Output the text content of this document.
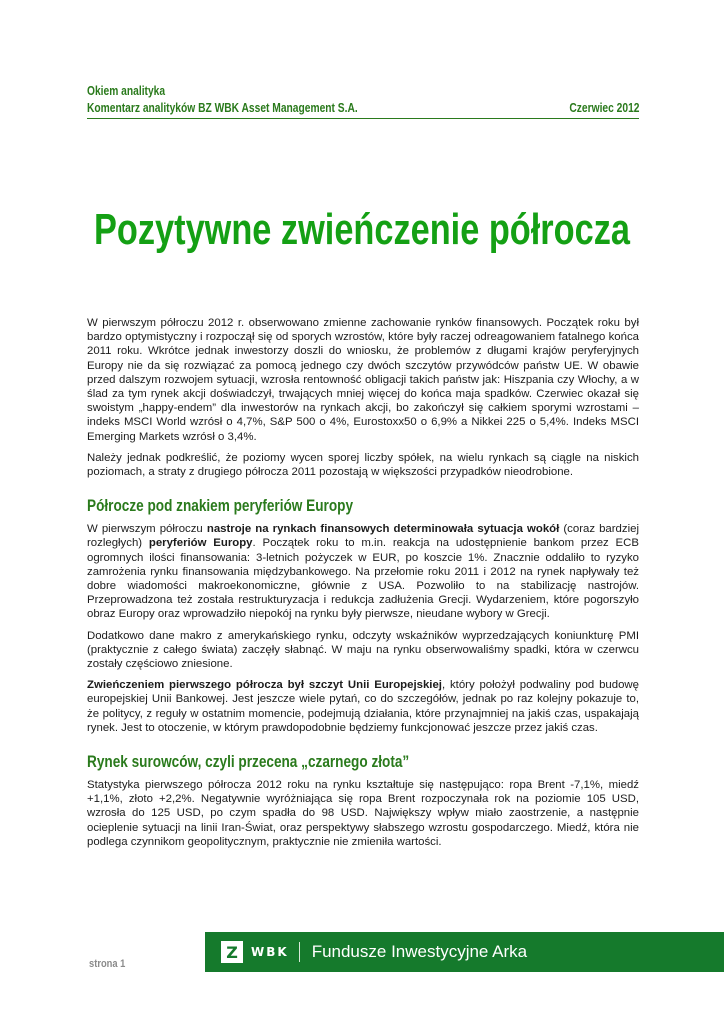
Okiem analityka
Komentarz analityków BZ WBK Asset Management S.A.	Czerwiec 2012
Pozytywne zwieńczenie półrocza

W pierwszym półroczu 2012 r. obserwowano zmienne zachowanie rynków finansowych. Początek roku był bardzo optymistyczny i rozpoczął się od sporych wzrostów, które były raczej odreagowaniem fatalnego końca 2011 roku. Wkrótce jednak inwestorzy doszli do wniosku, że problemów z długami krajów peryferyjnych Europy nie da się rozwiązać za pomocą jednego czy dwóch szczytów przywódców państw UE. W obawie przed dalszym rozwojem sytuacji, wzrosła rentowność obligacji takich państw jak: Hiszpania czy Włochy, a w ślad za tym rynek akcji doświadczył, trwających mniej więcej do końca maja spadków. Czerwiec okazał się swoistym „happy-endem” dla inwestorów na rynkach akcji, bo zakończył się całkiem sporymi wzrostami – indeks MSCI World wzrósł o 4,7%, S&P 500 o 4%, Eurostoxx50 o 6,9% a Nikkei 225 o 5,4%. Indeks MSCI Emerging Markets wzrósł o 3,4%.

Należy jednak podkreślić, że poziomy wycen sporej liczby spółek, na wielu rynkach są ciągle na niskich poziomach, a straty z drugiego półrocza 2011 pozostają w większości przypadków nieodrobione.

Półrocze pod znakiem peryferiów Europy

W pierwszym półroczu nastroje na rynkach finansowych determinowała sytuacja wokół (coraz bardziej rozległych) peryferiów Europy. Początek roku to m.in. reakcja na udostępnienie bankom przez ECB ogromnych ilości finansowania: 3-letnich pożyczek w EUR, po koszcie 1%. Znacznie oddaliło to ryzyko zamrożenia rynku finansowania międzybankowego. Na przełomie roku 2011 i 2012 na rynek napływały też dobre wiadomości makroekonomiczne, głównie z USA. Pozwoliło to na stabilizację nastrojów. Przeprowadzona też została restrukturyzacja i redukcja zadłużenia Grecji. Wydarzeniem, które pogorszyło obraz Europy oraz wprowadziło niepokój na rynku były pierwsze, nieudane wybory w Grecji.

Dodatkowo dane makro z amerykańskiego rynku, odczyty wskaźników wyprzedzających koniunkturę PMI (praktycznie z całego świata) zaczęły słabnąć. W maju na rynku obserwowaliśmy spadki, która w czerwcu zostały częściowo zniesione.

Zwieńczeniem pierwszego półrocza był szczyt Unii Europejskiej, który położył podwaliny pod budowę europejskiej Unii Bankowej. Jest jeszcze wiele pytań, co do szczegółów, jednak po raz kolejny pokazuje to, że politycy, z reguły w ostatnim momencie, podejmują działania, które przynajmniej na jakiś czas, uspakajają rynek. Jest to otoczenie, w którym prawdopodobnie będziemy funkcjonować jeszcze przez jakiś czas.

Rynek surowców, czyli przecena „czarnego złota”

Statystyka pierwszego półrocza 2012 roku na rynku kształtuje się następująco: ropa Brent -7,1%, miedź +1,1%, złoto +2,2%. Negatywnie wyróżniająca się ropa Brent rozpoczynała rok na poziomie 105 USD, wzrosła do 125 USD, po czym spadła do 98 USD. Największy wpływ miało zaostrzenie, a następnie ocieplenie sytuacji na linii Iran-Świat, oraz perspektywy słabszego wzrostu gospodarczego. Miedź, która nie podlega czynnikom geopolitycznym, praktycznie nie zmieniła wartości.

Z	WBK Fundusze Inwestycyjne Arka
strona 1
